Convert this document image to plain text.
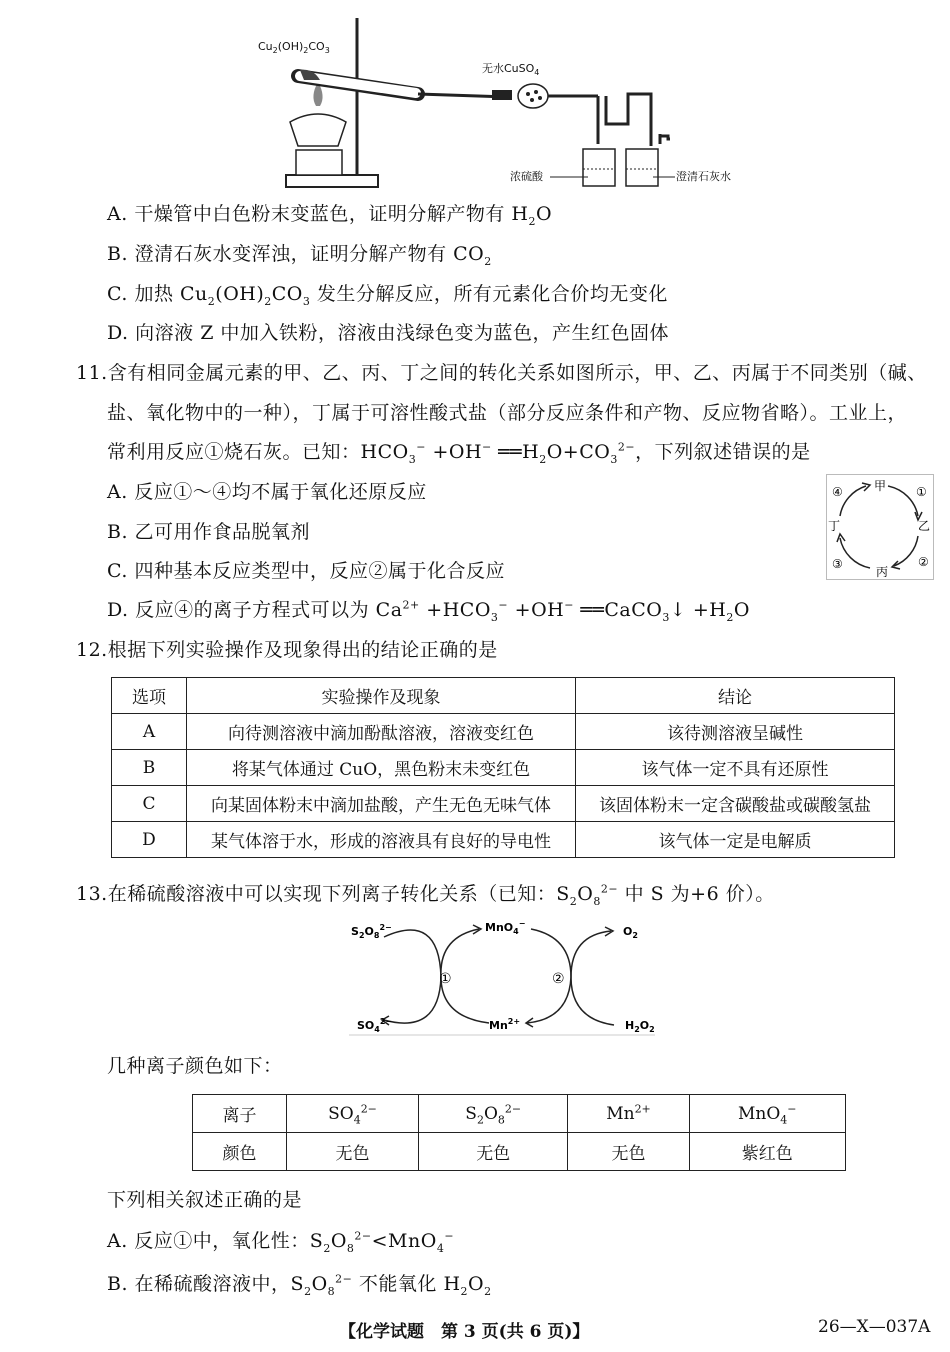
$Cu_2(OH)_2CO_3$
无水CuSO$_4$
浓硫酸	澄清石灰水
A. 干燥管中白色粉末变蓝色，证明分解产物有 $H_2O$
B. 澄清石灰水变浑浊，证明分解产物有 $CO_2$
C. 加热 $Cu_2(OH)_2CO_3$ 发生分解反应，所有元素化合价均无变化
D. 向溶液 Z 中加入铁粉，溶液由浅绿色变为蓝色，产生红色固体
11.含有相同金属元素的甲、乙、丙、丁之间的转化关系如图所示，甲、乙、丙属于不同类别（碱、
盐、氧化物中的一种），丁属于可溶性酸式盐（部分反应条件和产物、反应物省略）。工业上，
常利用反应①烧石灰。已知：$HCO_3^- +OH^-$ $══H_2O+CO_3^{2-}$，下列叙述错误的是
A. 反应①～④均不属于氧化还原反应
B. 乙可用作食品脱氧剂
C. 四种基本反应类型中，反应②属于化合反应
D. 反应④的离子方程式可以为 $Ca^{2+} +HCO_3^- +OH^-$ ══CaCO$_3$↓ $+H_2O$
甲
乙
丙
丁
①
②
③
④
12.根据下列实验操作及现象得出的结论正确的是
选项	实验操作及现象	结论
A	向待测溶液中滴加酚酞溶液，溶液变红色	该待测溶液呈碱性
B	将某气体通过 CuO，黑色粉末未变红色	该气体一定不具有还原性
C	向某固体粉末中滴加盐酸，产生无色无味气体	该固体粉末一定含碳酸盐或碳酸氢盐
D	某气体溶于水，形成的溶液具有良好的导电性	该气体一定是电解质
13.在稀硫酸溶液中可以实现下列离子转化关系（已知：$S_2O_8^{2-}$ 中 S 为+6 价）。
$S_2O_8^{2-}$	MnO$_4$−
$O_2$
$SO_4^{2-}$	$Mn^{2+}$	$H_2O_2$
①	②
几种离子颜色如下：
离子	$SO_4^{2-}$	$S_2O_8^{2-}$	$Mn^{2+}$	MnO$_4$−
颜色	无色	无色	无色	紫红色
下列相关叙述正确的是
A. 反应①中，氧化性：$S_2O_8^{2-}<MnO_4^-$
B. 在稀硫酸溶液中，$S_2O_8^{2-}$ 不能氧化 $H_2O_2$
【化学试题　第 3 页(共 6 页)】	26—X—037A
